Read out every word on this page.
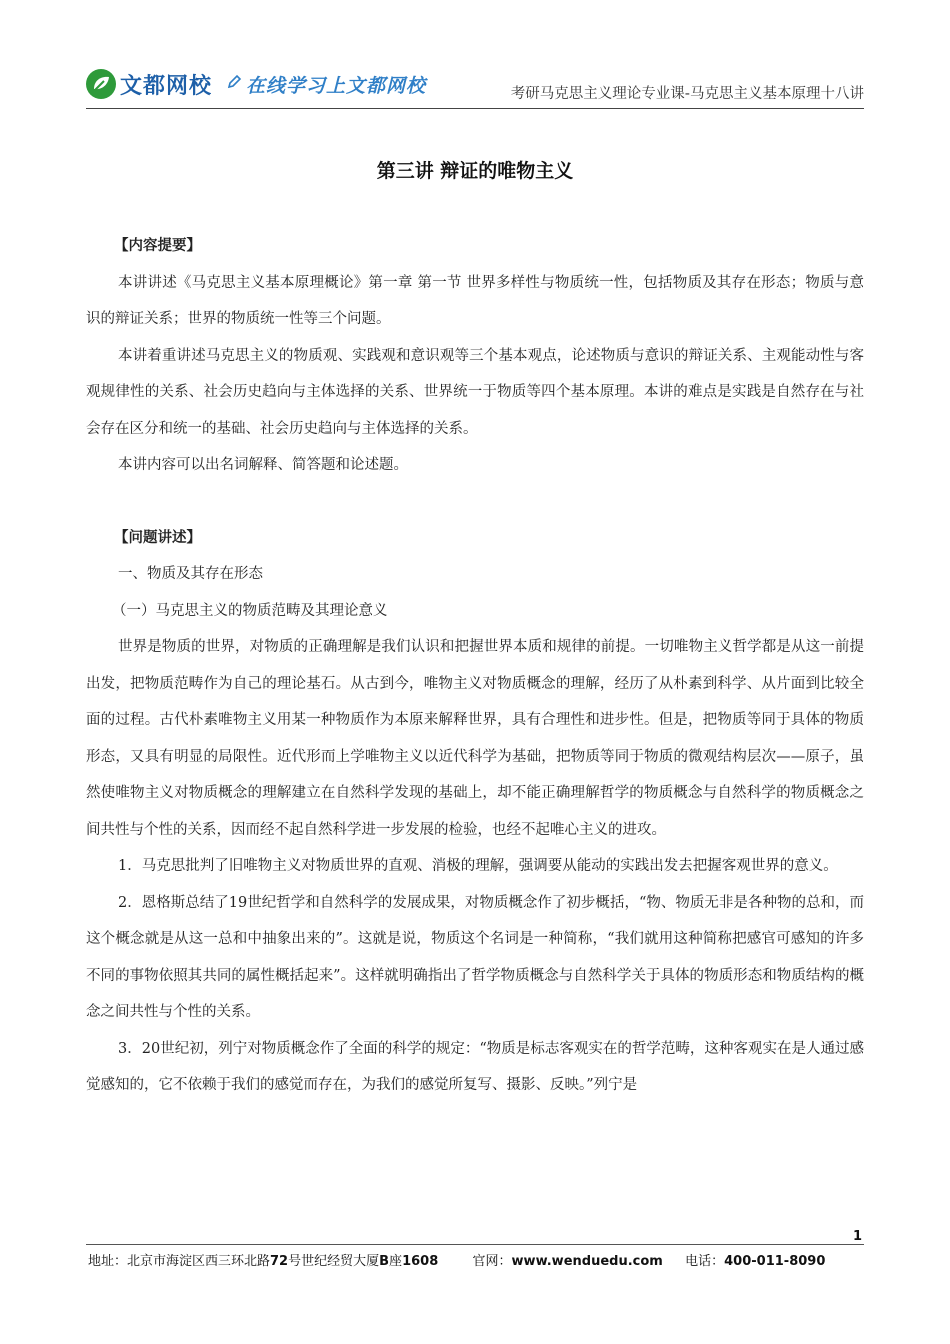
文都网校 在线学习上文都网校	考研马克思主义理论专业课-马克思主义基本原理十八讲
第三讲 辩证的唯物主义

【内容提要】

本讲讲述《马克思主义基本原理概论》第一章 第一节 世界多样性与物质统一性，包括物质及其存在形态；物质与意识的辩证关系；世界的物质统一性等三个问题。

本讲着重讲述马克思主义的物质观、实践观和意识观等三个基本观点，论述物质与意识的辩证关系、主观能动性与客观规律性的关系、社会历史趋向与主体选择的关系、世界统一于物质等四个基本原理。本讲的难点是实践是自然存在与社会存在区分和统一的基础、社会历史趋向与主体选择的关系。

本讲内容可以出名词解释、简答题和论述题。

【问题讲述】

一、物质及其存在形态

（一）马克思主义的物质范畴及其理论意义

世界是物质的世界，对物质的正确理解是我们认识和把握世界本质和规律的前提。一切唯物主义哲学都是从这一前提出发，把物质范畴作为自己的理论基石。从古到今，唯物主义对物质概念的理解，经历了从朴素到科学、从片面到比较全面的过程。古代朴素唯物主义用某一种物质作为本原来解释世界，具有合理性和进步性。但是，把物质等同于具体的物质形态，又具有明显的局限性。近代形而上学唯物主义以近代科学为基础，把物质等同于物质的微观结构层次——原子，虽然使唯物主义对物质概念的理解建立在自然科学发现的基础上，却不能正确理解哲学的物质概念与自然科学的物质概念之间共性与个性的关系，因而经不起自然科学进一步发展的检验，也经不起唯心主义的进攻。

1．马克思批判了旧唯物主义对物质世界的直观、消极的理解，强调要从能动的实践出发去把握客观世界的意义。

2．恩格斯总结了19世纪哲学和自然科学的发展成果，对物质概念作了初步概括，“物、物质无非是各种物的总和，而这个概念就是从这一总和中抽象出来的”。这就是说，物质这个名词是一种简称，“我们就用这种简称把感官可感知的许多不同的事物依照其共同的属性概括起来”。这样就明确指出了哲学物质概念与自然科学关于具体的物质形态和物质结构的概念之间共性与个性的关系。

3．20世纪初，列宁对物质概念作了全面的科学的规定：“物质是标志客观实在的哲学范畴，这种客观实在是人通过感觉感知的，它不依赖于我们的感觉而存在，为我们的感觉所复写、摄影、反映。”列宁是

1
地址：北京市海淀区西三环北路72号世纪经贸大厦B座1608	官网：www.wenduedu.com 电话：400-011-8090
